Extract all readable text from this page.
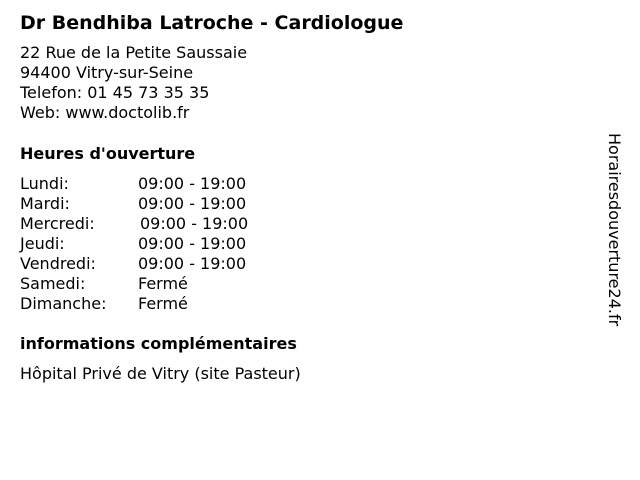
Dr Bendhiba Latroche - Cardiologue
22 Rue de la Petite Saussaie
94400 Vitry-sur-Seine
Telefon: 01 45 73 35 35
Web: www.doctolib.fr
Heures d'ouverture
Lundi:	09:00 - 19:00
Mardi:	09:00 - 19:00
Mercredi:	09:00 - 19:00
Jeudi:	09:00 - 19:00
Vendredi:	09:00 - 19:00
Samedi:	Fermé
Dimanche: Fermé
informations complémentaires
Hôpital Privé de Vitry (site Pasteur)
Horairesdouverture24.fr
